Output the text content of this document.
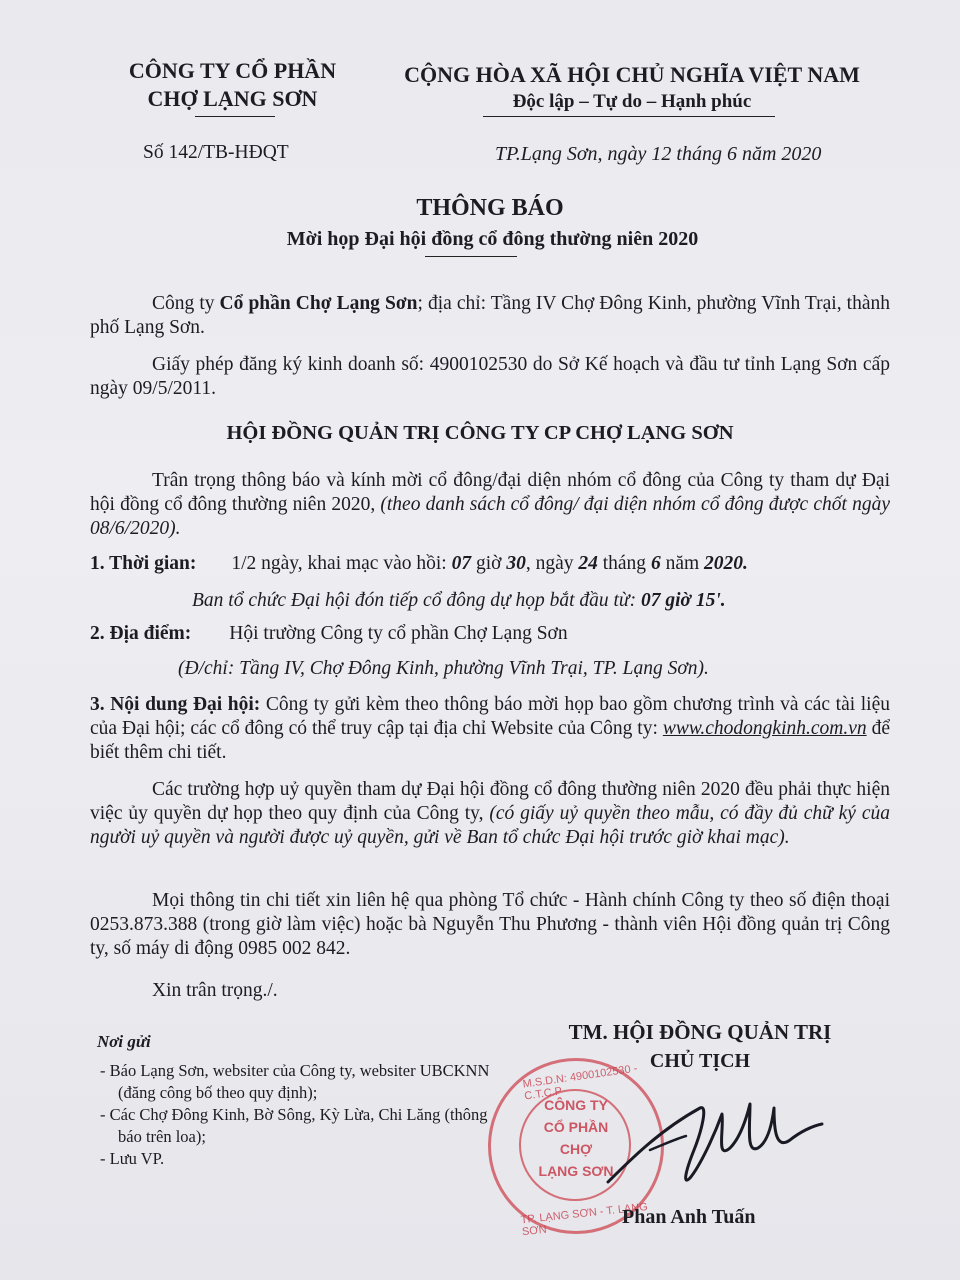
CÔNG TY CỔ PHẦN
CHỢ LẠNG SƠN
CỘNG HÒA XÃ HỘI CHỦ NGHĨA VIỆT NAM
Độc lập – Tự do – Hạnh phúc
Số 142/TB-HĐQT	TP.Lạng Sơn, ngày 12 tháng 6 năm 2020
THÔNG BÁO
Mời họp Đại hội đồng cổ đông thường niên 2020
Công ty Cổ phần Chợ Lạng Sơn; địa chỉ: Tầng IV Chợ Đông Kinh, phường Vĩnh Trại, thành phố Lạng Sơn.
Giấy phép đăng ký kinh doanh số: 4900102530 do Sở Kế hoạch và đầu tư tỉnh Lạng Sơn cấp ngày 09/5/2011.
HỘI ĐỒNG QUẢN TRỊ CÔNG TY CP CHỢ LẠNG SƠN
Trân trọng thông báo và kính mời cổ đông/đại diện nhóm cổ đông của Công ty tham dự Đại hội đồng cổ đông thường niên 2020, (theo danh sách cổ đông/ đại diện nhóm cổ đông được chốt ngày 08/6/2020).
1. Thời gian: 1/2 ngày, khai mạc vào hồi: 07 giờ 30, ngày 24 tháng 6 năm 2020.
Ban tổ chức Đại hội đón tiếp cổ đông dự họp bắt đầu từ: 07 giờ 15'.
2. Địa điểm: Hội trường Công ty cổ phần Chợ Lạng Sơn
(Đ/chỉ: Tầng IV, Chợ Đông Kinh, phường Vĩnh Trại, TP. Lạng Sơn).
3. Nội dung Đại hội: Công ty gửi kèm theo thông báo mời họp bao gồm chương trình và các tài liệu của Đại hội; các cổ đông có thể truy cập tại địa chỉ Website của Công ty: www.chodongkinh.com.vn để biết thêm chi tiết.
Các trường hợp uỷ quyền tham dự Đại hội đồng cổ đông thường niên 2020 đều phải thực hiện việc ủy quyền dự họp theo quy định của Công ty, (có giấy uỷ quyền theo mẫu, có đầy đủ chữ ký của người uỷ quyền và người được uỷ quyền, gửi về Ban tổ chức Đại hội trước giờ khai mạc).
Mọi thông tin chi tiết xin liên hệ qua phòng Tổ chức - Hành chính Công ty theo số điện thoại 0253.873.388 (trong giờ làm việc) hoặc bà Nguyễn Thu Phương - thành viên Hội đồng quản trị Công ty, số máy di động 0985 002 842.
Xin trân trọng./.
Nơi gửi
- Báo Lạng Sơn, websiter của Công ty, websiter UBCKNN (đăng công bố theo quy định);
- Các Chợ Đông Kinh, Bờ Sông, Kỳ Lừa, Chi Lăng (thông báo trên loa);
- Lưu VP.
TM. HỘI ĐỒNG QUẢN TRỊ
CHỦ TỊCH
CÔNG TY
CỔ PHẦN
CHỢ
LẠNG SƠN
M.S.D.N: 4900102530 - C.T.C.P
TP. LẠNG SƠN - T. LẠNG SƠN
Phan Anh Tuấn
